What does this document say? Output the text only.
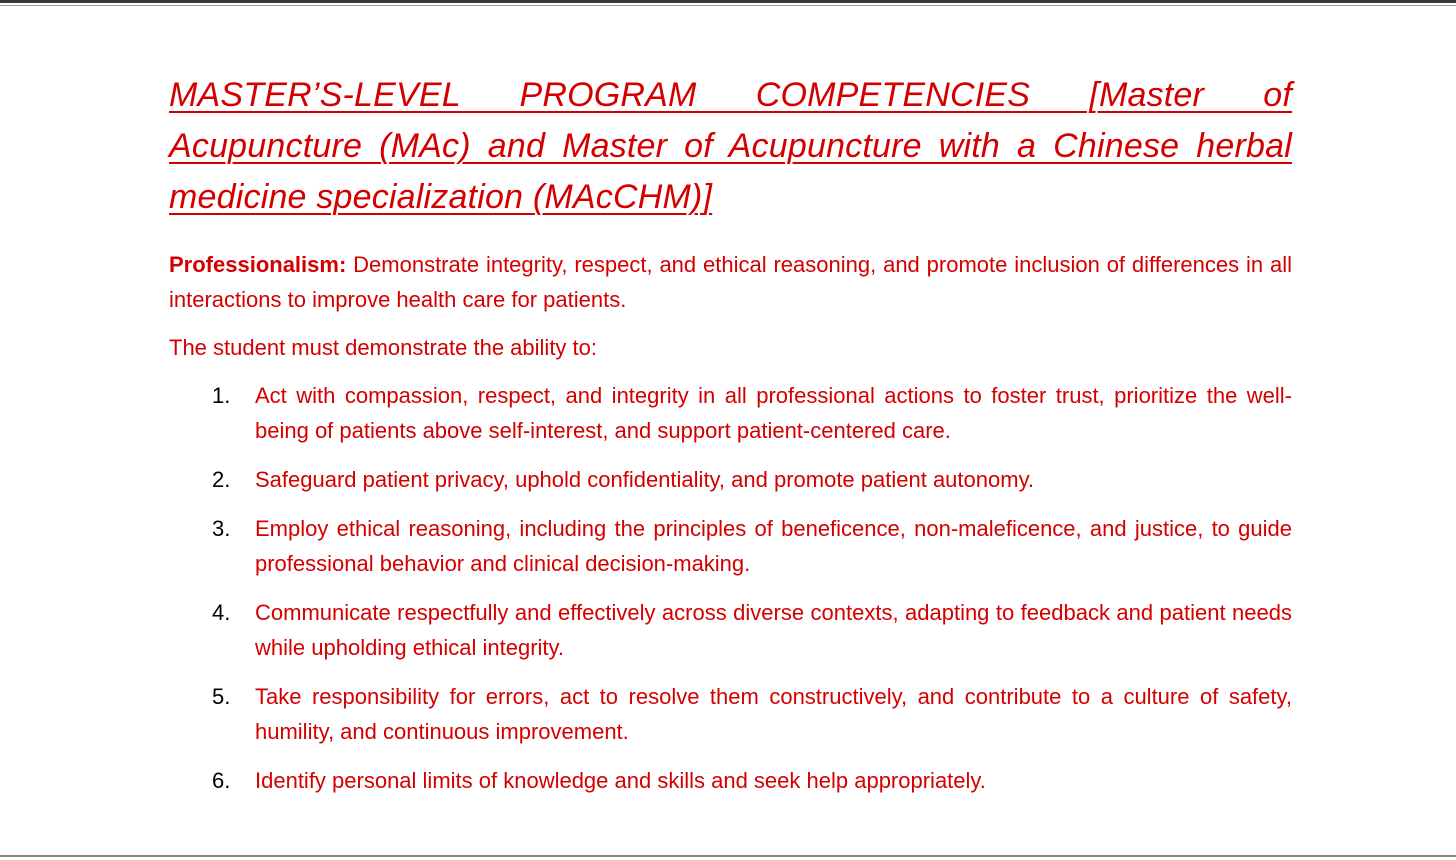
MASTER’S-LEVEL PROGRAM COMPETENCIES [Master of Acupuncture (MAc) and Master of Acupuncture with a Chinese herbal medicine specialization (MAcCHM)]

Professionalism: Demonstrate integrity, respect, and ethical reasoning, and promote inclusion of differences in all interactions to improve health care for patients.

The student must demonstrate the ability to:

1.	Act with compassion, respect, and integrity in all professional actions to foster trust, prioritize the well-being of patients above self-interest, and support patient-centered care.
2.	Safeguard patient privacy, uphold confidentiality, and promote patient autonomy.
3.	Employ ethical reasoning, including the principles of beneficence, non-maleficence, and justice, to guide professional behavior and clinical decision-making.
4.	Communicate respectfully and effectively across diverse contexts, adapting to feedback and patient needs while upholding ethical integrity.
5.	Take responsibility for errors, act to resolve them constructively, and contribute to a culture of safety, humility, and continuous improvement.
6.	Identify personal limits of knowledge and skills and seek help appropriately.
